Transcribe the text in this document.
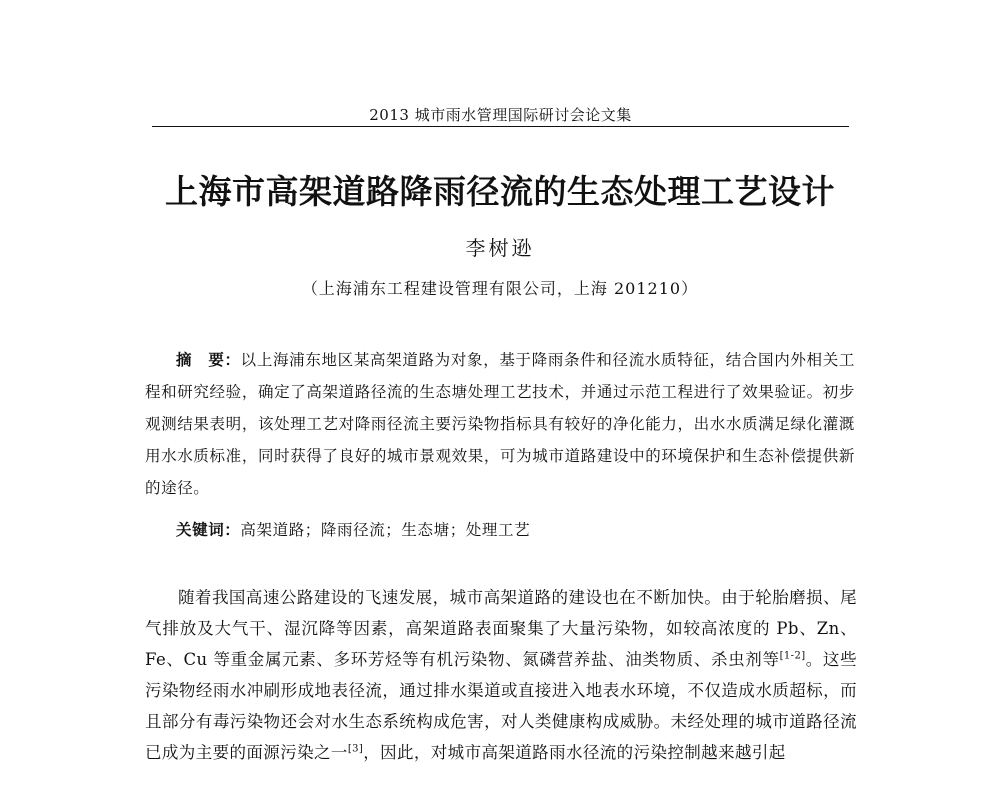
2013 城市雨水管理国际研讨会论文集
上海市高架道路降雨径流的生态处理工艺设计
李树逊
（上海浦东工程建设管理有限公司，上海 201210）
摘　要：以上海浦东地区某高架道路为对象，基于降雨条件和径流水质特征，结合国内外相关工程和研究经验，确定了高架道路径流的生态塘处理工艺技术，并通过示范工程进行了效果验证。初步观测结果表明，该处理工艺对降雨径流主要污染物指标具有较好的净化能力，出水水质满足绿化灌溉用水水质标准，同时获得了良好的城市景观效果，可为城市道路建设中的环境保护和生态补偿提供新的途径。
关键词：高架道路；降雨径流；生态塘；处理工艺
随着我国高速公路建设的飞速发展，城市高架道路的建设也在不断加快。由于轮胎磨损、尾气排放及大气干、湿沉降等因素，高架道路表面聚集了大量污染物，如较高浓度的 Pb、Zn、Fe、Cu 等重金属元素、多环芳烃等有机污染物、氮磷营养盐、油类物质、杀虫剂等[1-2]。这些污染物经雨水冲刷形成地表径流，通过排水渠道或直接进入地表水环境，不仅造成水质超标，而且部分有毒污染物还会对水生态系统构成危害，对人类健康构成威胁。未经处理的城市道路径流已成为主要的面源污染之一[3]，因此，对城市高架道路雨水径流的污染控制越来越引起
